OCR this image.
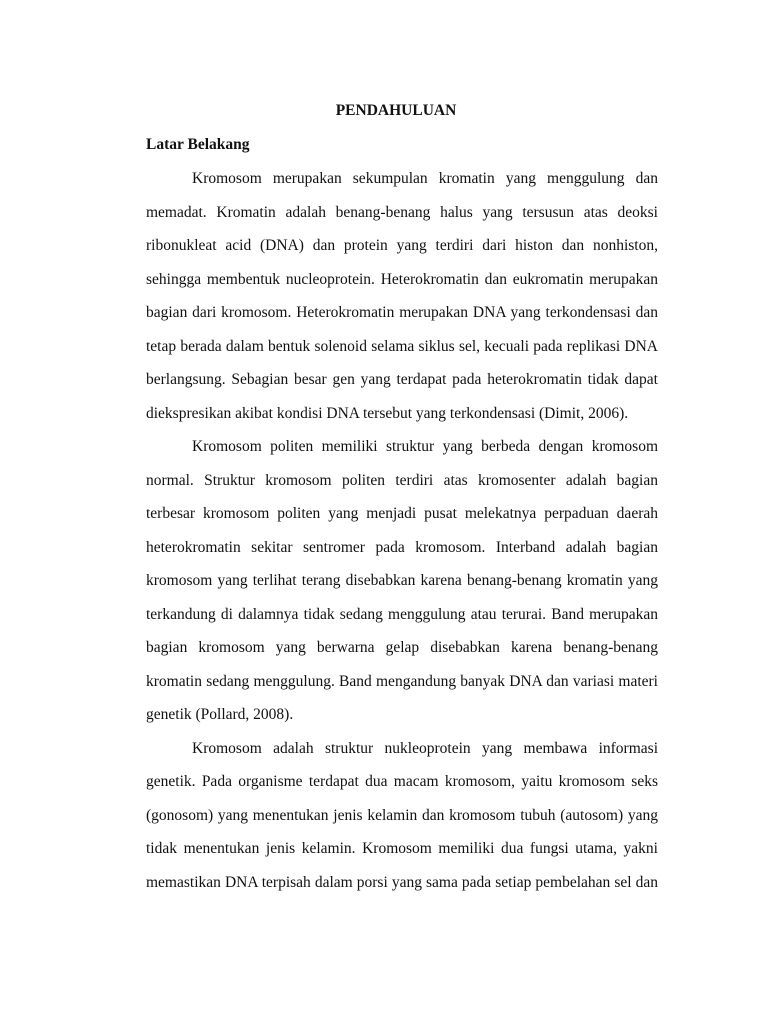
PENDAHULUAN
Latar Belakang
Kromosom merupakan sekumpulan kromatin yang menggulung dan
memadat. Kromatin adalah benang-benang halus yang tersusun atas deoksi
ribonukleat acid (DNA) dan protein yang terdiri dari histon dan nonhiston,
sehingga membentuk nucleoprotein. Heterokromatin dan eukromatin merupakan
bagian dari kromosom. Heterokromatin merupakan DNA yang terkondensasi dan
tetap berada dalam bentuk solenoid selama siklus sel, kecuali pada replikasi DNA
berlangsung. Sebagian besar gen yang terdapat pada heterokromatin tidak dapat
diekspresikan akibat kondisi DNA tersebut yang terkondensasi (Dimit, 2006).
Kromosom politen memiliki struktur yang berbeda dengan kromosom
normal. Struktur kromosom politen terdiri atas kromosenter adalah bagian
terbesar kromosom politen yang menjadi pusat melekatnya perpaduan daerah
heterokromatin sekitar sentromer pada kromosom. Interband adalah bagian
kromosom yang terlihat terang disebabkan karena benang-benang kromatin yang
terkandung di dalamnya tidak sedang menggulung atau terurai. Band merupakan
bagian kromosom yang berwarna gelap disebabkan karena benang-benang
kromatin sedang menggulung. Band mengandung banyak DNA dan variasi materi
genetik (Pollard, 2008).
Kromosom adalah struktur nukleoprotein yang membawa informasi
genetik. Pada organisme terdapat dua macam kromosom, yaitu kromosom seks
(gonosom) yang menentukan jenis kelamin dan kromosom tubuh (autosom) yang
tidak menentukan jenis kelamin. Kromosom memiliki dua fungsi utama, yakni
memastikan DNA terpisah dalam porsi yang sama pada setiap pembelahan sel dan
